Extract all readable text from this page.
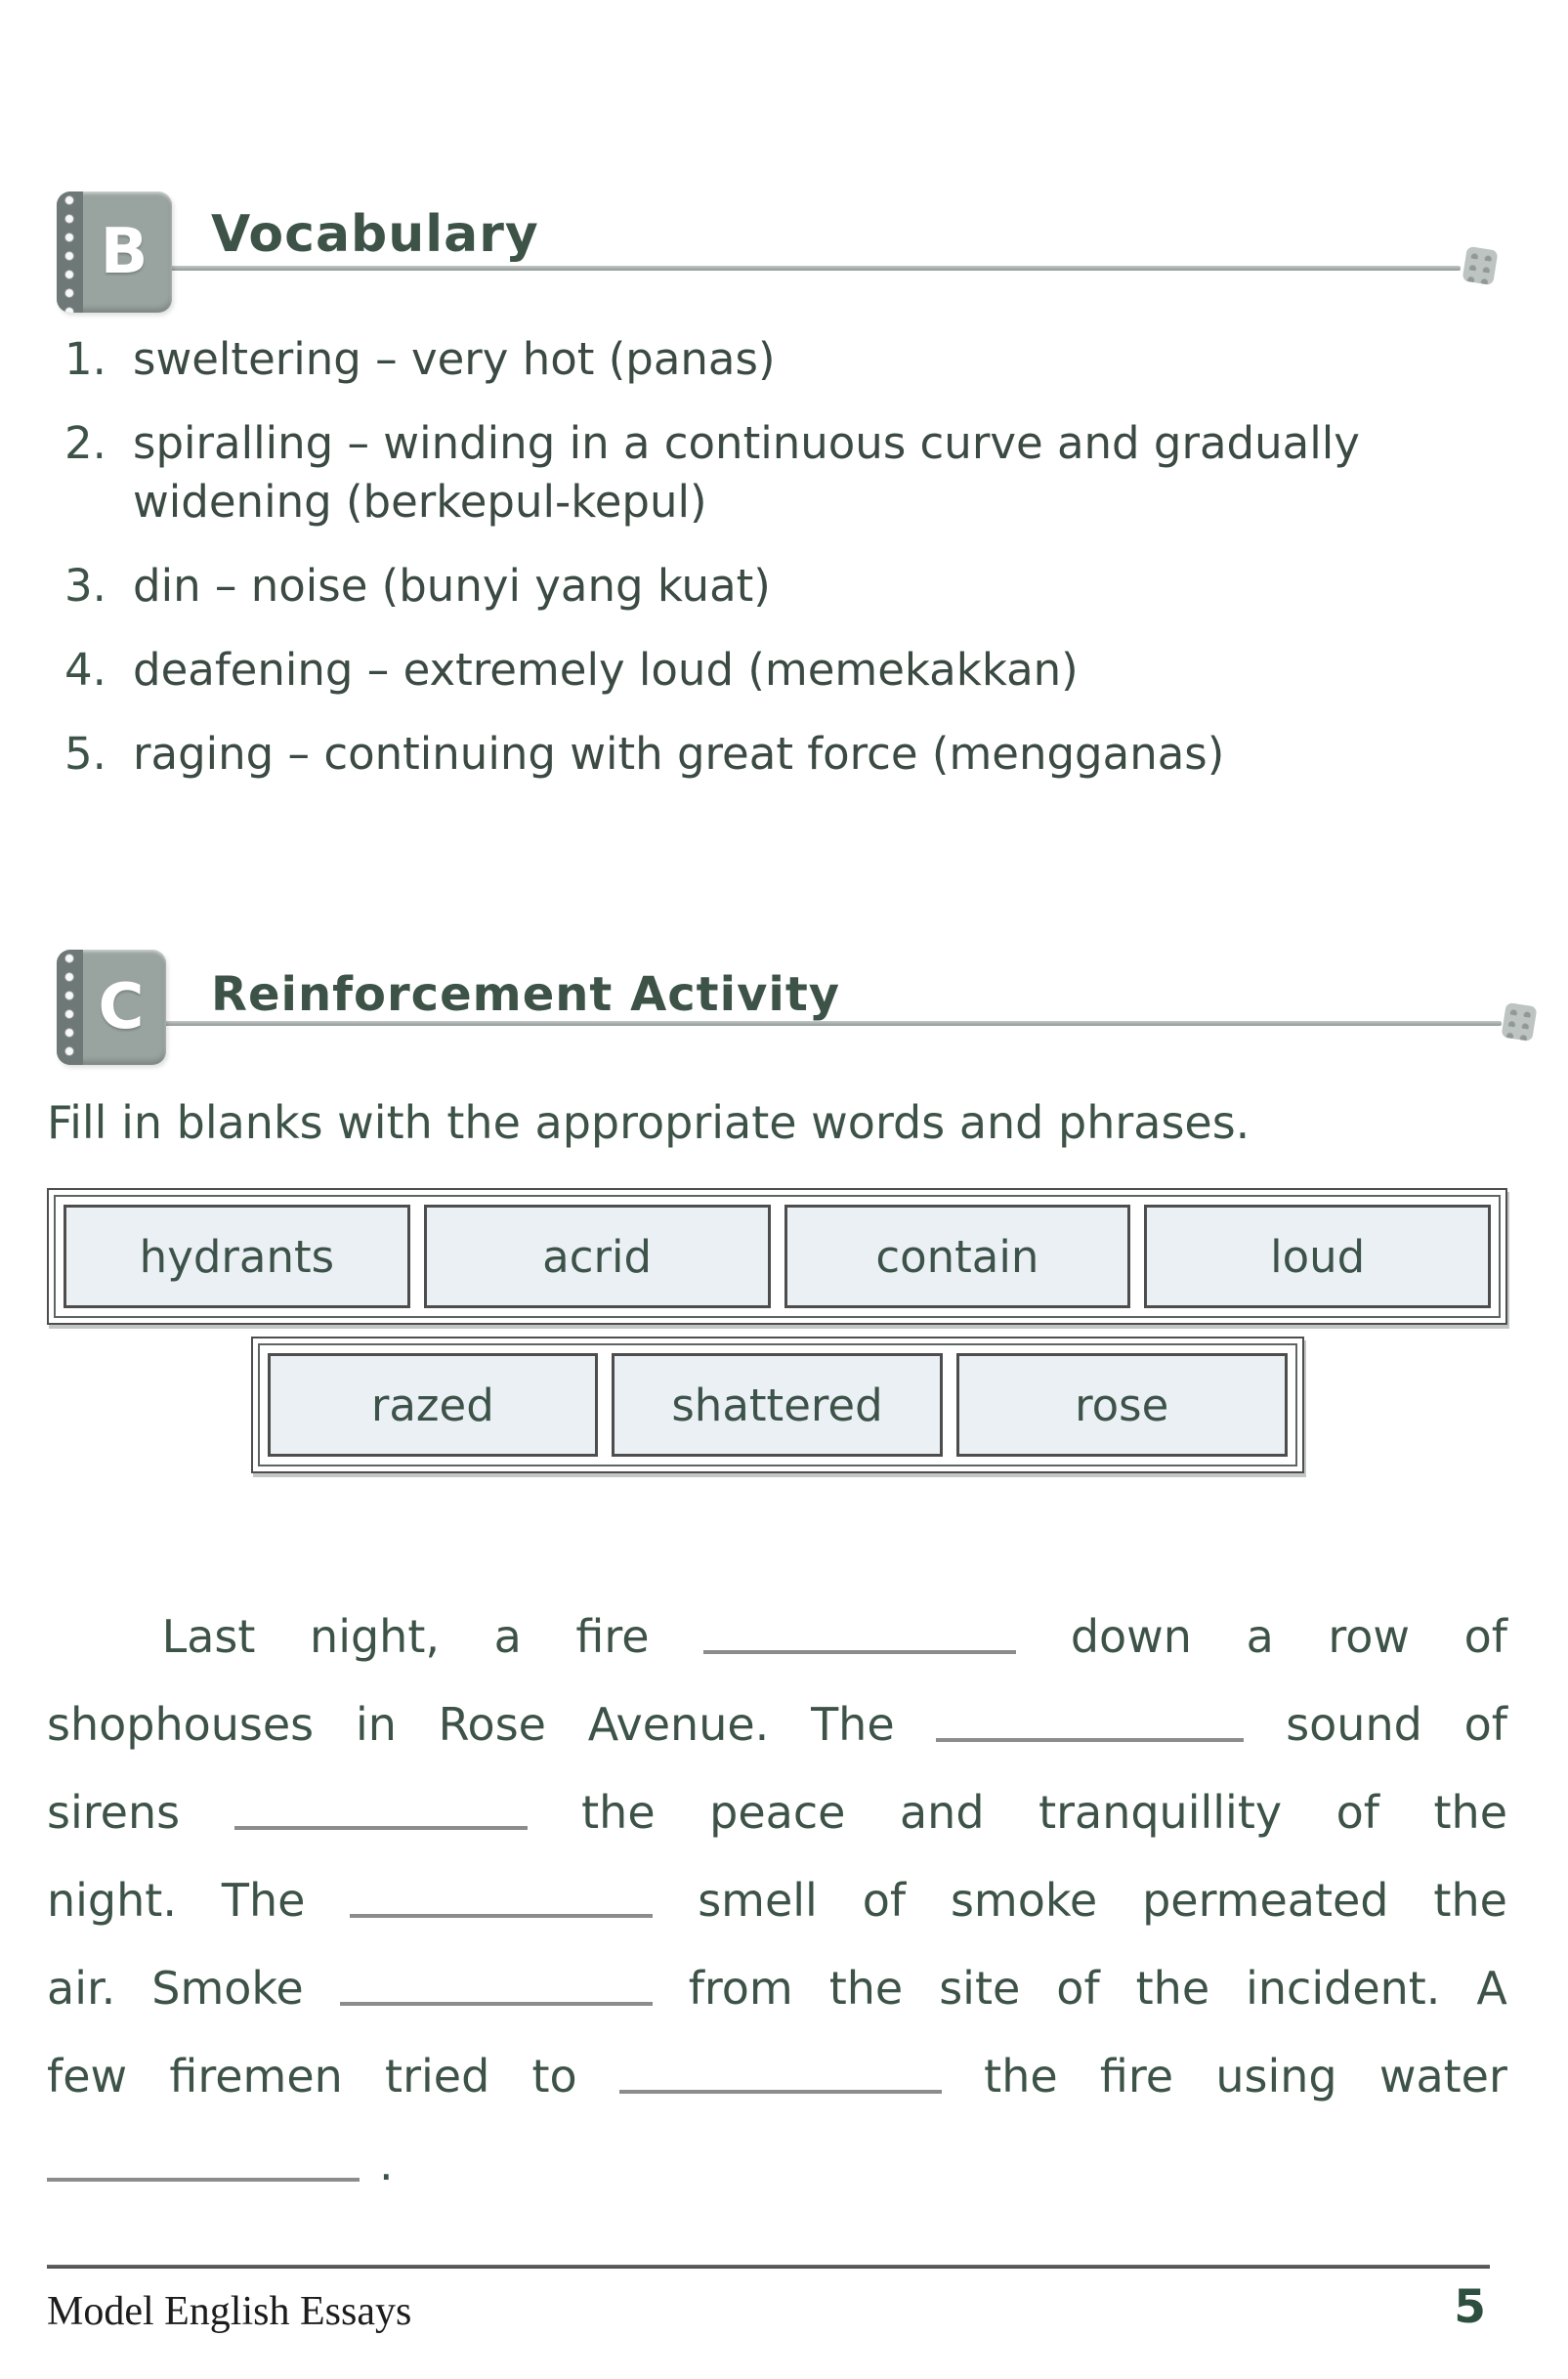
B Vocabulary
1. sweltering – very hot (panas)
2. spiralling – winding in a continuous curve and gradually widening (berkepul-kepul)
3. din – noise (bunyi yang kuat)
4. deafening – extremely loud (memekakkan)
5. raging – continuing with great force (mengganas)
C Reinforcement Activity
Fill in blanks with the appropriate words and phrases.
hydrants	acrid	contain	loud
razed	shattered	rose
Last night, a fire	down a row of
shophouses in Rose Avenue. The	sound of
sirens	the peace and tranquillity of the
night. The	smell of smoke permeated the
air. Smoke	from the site of the incident. A
few firemen tried to	the fire using water
.
Model English Essays	5
